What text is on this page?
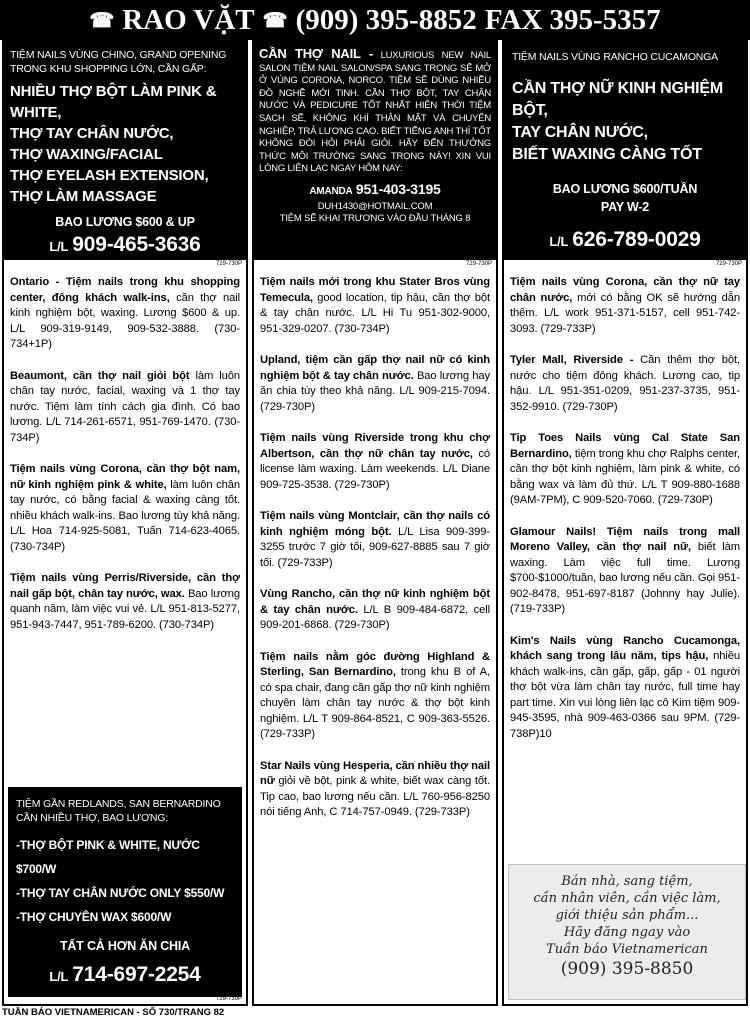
☎ RAO VẶT ☎ (909) 395-8852 FAX 395-5357
TIỆM NAILS VÙNG CHINO, GRAND OPENING TRONG KHU SHOPPING LỚN, CẦN GẤP:
NHIỀU THỢ BỘT LÀM PINK & WHITE,
THỢ TAY CHÂN NƯỚC,
THỢ WAXING/FACIAL
THỢ EYELASH EXTENSION,
THỢ LÀM MASSAGE
BAO LƯƠNG $600 & UP
L/L 909-465-3636
729-730P
Ontario - Tiệm nails trong khu shopping center, đông khách walk-ins, cần thợ nail kinh nghiệm bột, waxing. Lương $600 & up. L/L 909-319-9149, 909-532-3888. (730-734+1P)
Beaumont, cần thợ nail giỏi bột làm luôn chân tay nước, facial, waxing và 1 thợ tay nước. Tiệm làm tính cách gia đình. Có bao lương. L/L 714-261-6571, 951-769-1470. (730-734P)
Tiệm nails vùng Corona, cần thợ bột nam, nữ kinh nghiệm pink & white, làm luôn chân tay nước, có bằng facial & waxing càng tốt. nhiều khách walk-ins. Bao lương tùy khả năng. L/L Hoa 714-925-5081, Tuấn 714-623-4065. (730-734P)
Tiệm nails vùng Perris/Riverside, cần thợ nail gấp bột, chân tay nước, wax. Bao lương quanh năm, làm việc vui vẻ. L/L 951-813-5277, 951-943-7447, 951-789-6200. (730-734P)
TIỆM GẦN REDLANDS, SAN BERNARDINO CẦN NHIỀU THỢ, BAO LƯƠNG:
-THỢ BỘT PINK & WHITE, NƯỚC $700/W
-THỢ TAY CHÂN NƯỚC ONLY $550/W
-THỢ CHUYÊN WAX $600/W
TẤT CẢ HƠN ĂN CHIA
L/L 714-697-2254
729-730P
CẦN THỢ NAIL - LUXURIOUS NEW NAIL SALON TIỆM NAIL SALON/SPA SANG TRỌNG SẼ MỞ Ở VÙNG CORONA, NORCO. TIỆM SẼ DÙNG NHIỀU ĐỒ NGHỀ MỚI TINH. CẦN THỢ BỘT, TAY CHÂN NƯỚC VÀ PEDICURE TỐT NHẤT HIỆN THỜI TIỆM SẠCH SẼ, KHÔNG KHÍ THÂN MẬT VÀ CHUYÊN NGHIỆP, TRẢ LƯƠNG CAO. BIẾT TIẾNG ANH THÌ TỐT KHÔNG ĐÒI HỎI PHẢI GIỎI. HÃY ĐẾN THƯỞNG THỨC MÔI TRƯỜNG SANG TRỌNG NÀY! XIN VUI LÒNG LIÊN LẠC NGAY HÔM NAY:
AMANDA 951-403-3195
DUH1430@HOTMAIL.COM
TIỆM SẼ KHAI TRƯƠNG VÀO ĐẦU THÁNG 8
729-730P
Tiệm nails mới trong khu Stater Bros vùng Temecula, good location, tip hậu, cần thợ bột & tay chân nước. L/L Hi Tu 951-302-9000, 951-329-0207. (730-734P)
Upland, tiệm cần gấp thợ nail nữ có kinh nghiệm bột & tay chân nước. Bao lương hay ăn chia tùy theo khả năng. L/L 909-215-7094. (729-730P)
Tiệm nails vùng Riverside trong khu chợ Albertson, cần thợ nữ chân tay nước, có license làm waxing. Làm weekends. L/L Diane 909-725-3538. (729-730P)
Tiệm nails vùng Montclair, cần thợ nails có kinh nghiệm móng bột. L/L Lisa 909-399-3255 trước 7 giờ tối, 909-627-8885 sau 7 giờ tối. (729-733P)
Vùng Rancho, cần thợ nữ kinh nghiệm bột & tay chân nước. L/L B 909-484-6872, cell 909-201-6868. (729-730P)
Tiệm nails nằm góc đường Highland & Sterling, San Bernardino, trong khu B of A, có spa chair, đang cần gấp thợ nữ kinh nghiệm chuyên làm chân tay nước & thợ bột kinh nghiệm. L/L T 909-864-8521, C 909-363-5526. (729-733P)
Star Nails vùng Hesperia, cần nhiều thợ nail nữ giỏi về bột, pink & white, biết wax càng tốt. Tip cao, bao lương nếu cần. L/L 760-956-8250 nói tiếng Anh, C 714-757-0949. (729-733P)
TIỆM NAILS VÙNG RANCHO CUCAMONGA
CẦN THỢ NỮ KINH NGHIỆM BỘT,
TAY CHÂN NƯỚC,
BIẾT WAXING CÀNG TỐT
BAO LƯƠNG $600/TUẦN
PAY W-2
L/L 626-789-0029
729-730P
Tiệm nails vùng Corona, cần thợ nữ tay chân nước, mới có bằng OK sẽ hướng dẫn thêm. L/L work 951-371-5157, cell 951-742-3093. (729-733P)
Tyler Mall, Riverside - Cần thêm thợ bột, nước cho tiệm đông khách. Lương cao, tip hậu. L/L 951-351-0209, 951-237-3735, 951-352-9910. (729-730P)
Tip Toes Nails vùng Cal State San Bernardino, tiệm trong khu chợ Ralphs center, cần thợ bột kinh nghiệm, làm pink & white, có bằng wax và làm đủ thứ. L/L T 909-880-1688 (9AM-7PM), C 909-520-7060. (729-730P)
Glamour Nails! Tiệm nails trong mall Moreno Valley, cần thợ nail nữ, biết làm waxing. Làm việc full time. Lương $700-$1000/tuần, bao lương nếu cần. Gọi 951-902-8478, 951-697-8187 (Johnny hay Julie). (719-733P)
Kim's Nails vùng Rancho Cucamonga, khách sang trong lâu năm, tips hậu, nhiều khách walk-ins, cần gấp, gấp, gấp - 01 người thợ bột vừa làm chân tay nước, full time hay part time. Xin vui lòng liên lạc cô Kim tiệm 909-945-3595, nhà 909-463-0366 sau 9PM. (729-738P)10
Bán nhà, sang tiệm,
cần nhân viên, cần việc làm,
giới thiệu sản phẩm...
Hãy đăng ngay vào
Tuần báo Vietnamerican
(909) 395-8850
TUẦN BÁO VIETNAMERICAN - SỐ 730/TRANG 82
